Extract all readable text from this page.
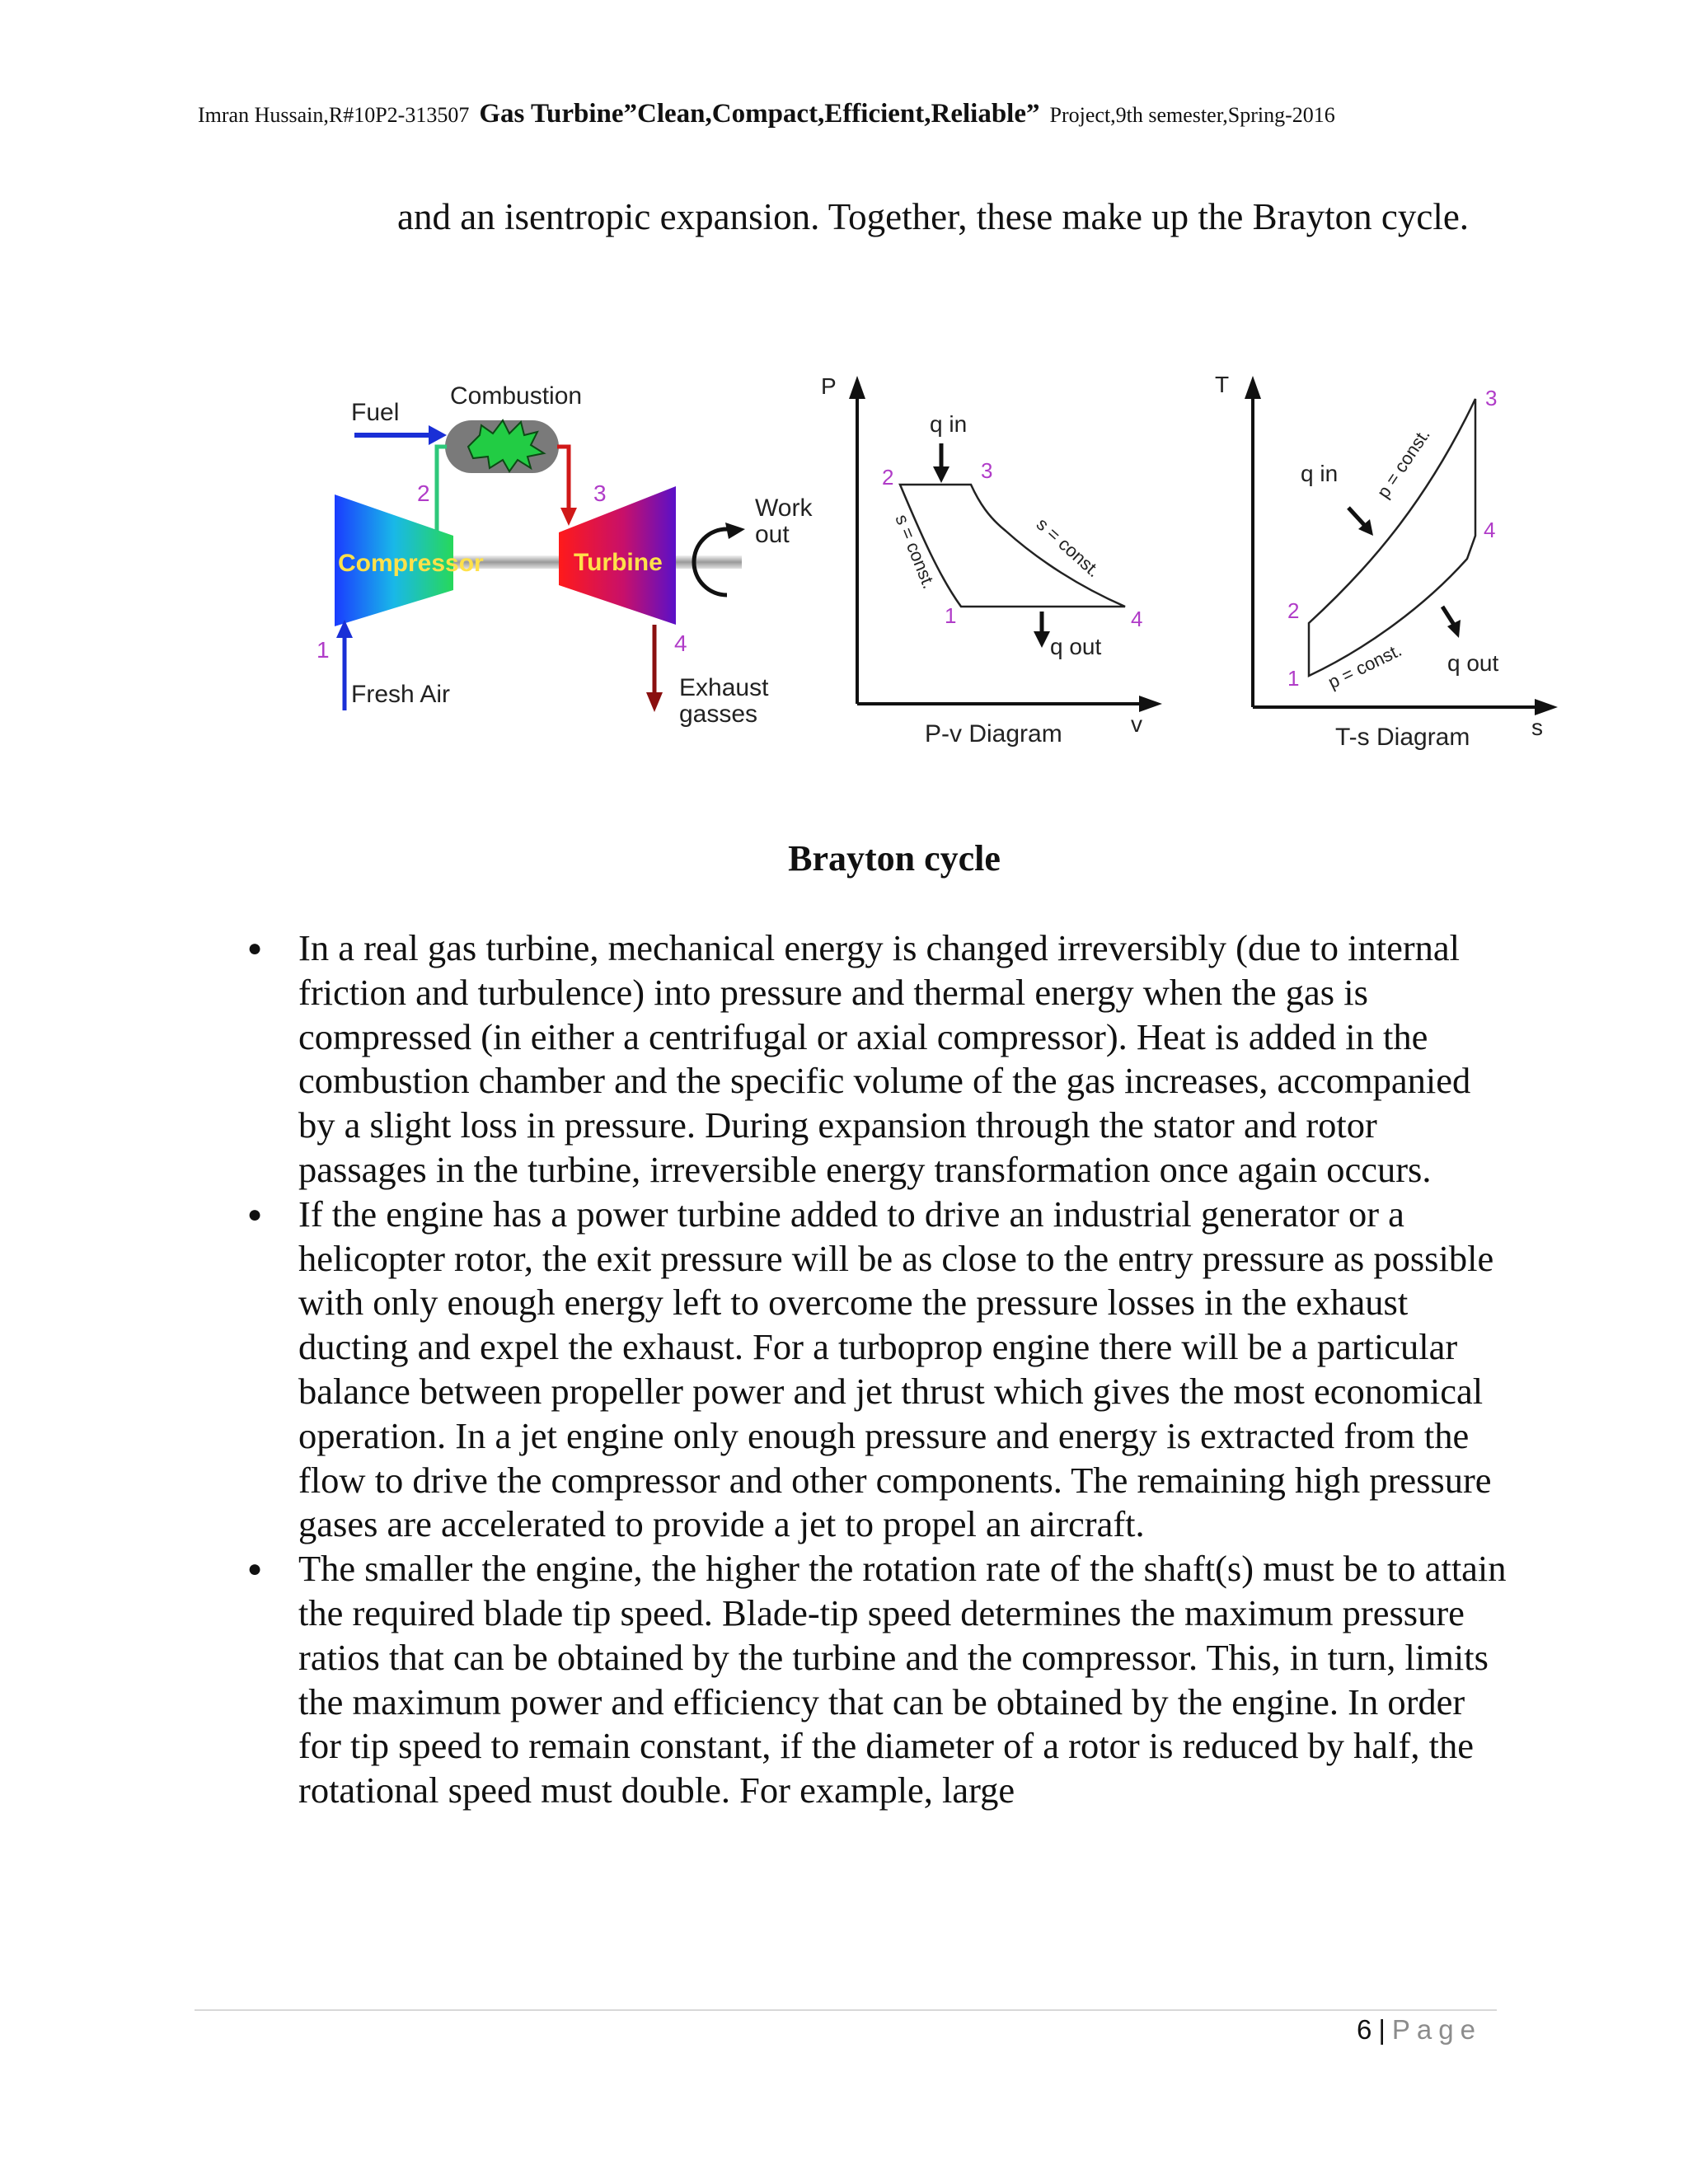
Imran Hussain,R#10P2-313507 Gas Turbine”Clean,Compact,Efficient,Reliable” Project,9th semester,Spring-2016
and an isentropic expansion. Together, these make up the Brayton cycle.
Fuel
Combustion
Compressor	Turbine
Work
out
Fresh Air	Exhaust
gasses
2	3
1	4
P
v
P-v Diagram
q in
q out
s = const.	s = const.
2	3
1	4
T
s
T-s Diagram
q in
q out
p = const.
p = const.
1
2
3
4
Brayton cycle
● In a real gas turbine, mechanical energy is changed irreversibly (due to internal friction and turbulence) into pressure and thermal energy when the gas is compressed (in either a centrifugal or axial compressor). Heat is added in the combustion chamber and the specific volume of the gas increases, accompanied by a slight loss in pressure. During expansion through the stator and rotor passages in the turbine, irreversible energy transformation once again occurs.
● If the engine has a power turbine added to drive an industrial generator or a helicopter rotor, the exit pressure will be as close to the entry pressure as possible with only enough energy left to overcome the pressure losses in the exhaust ducting and expel the exhaust. For a turboprop engine there will be a particular balance between propeller power and jet thrust which gives the most economical operation. In a jet engine only enough pressure and energy is extracted from the flow to drive the compressor and other components. The remaining high pressure gases are accelerated to provide a jet to propel an aircraft.
● The smaller the engine, the higher the rotation rate of the shaft(s) must be to attain the required blade tip speed. Blade-tip speed determines the maximum pressure ratios that can be obtained by the turbine and the compressor. This, in turn, limits the maximum power and efficiency that can be obtained by the engine. In order for tip speed to remain constant, if the diameter of a rotor is reduced by half, the rotational speed must double. For example, large
6 | Page
